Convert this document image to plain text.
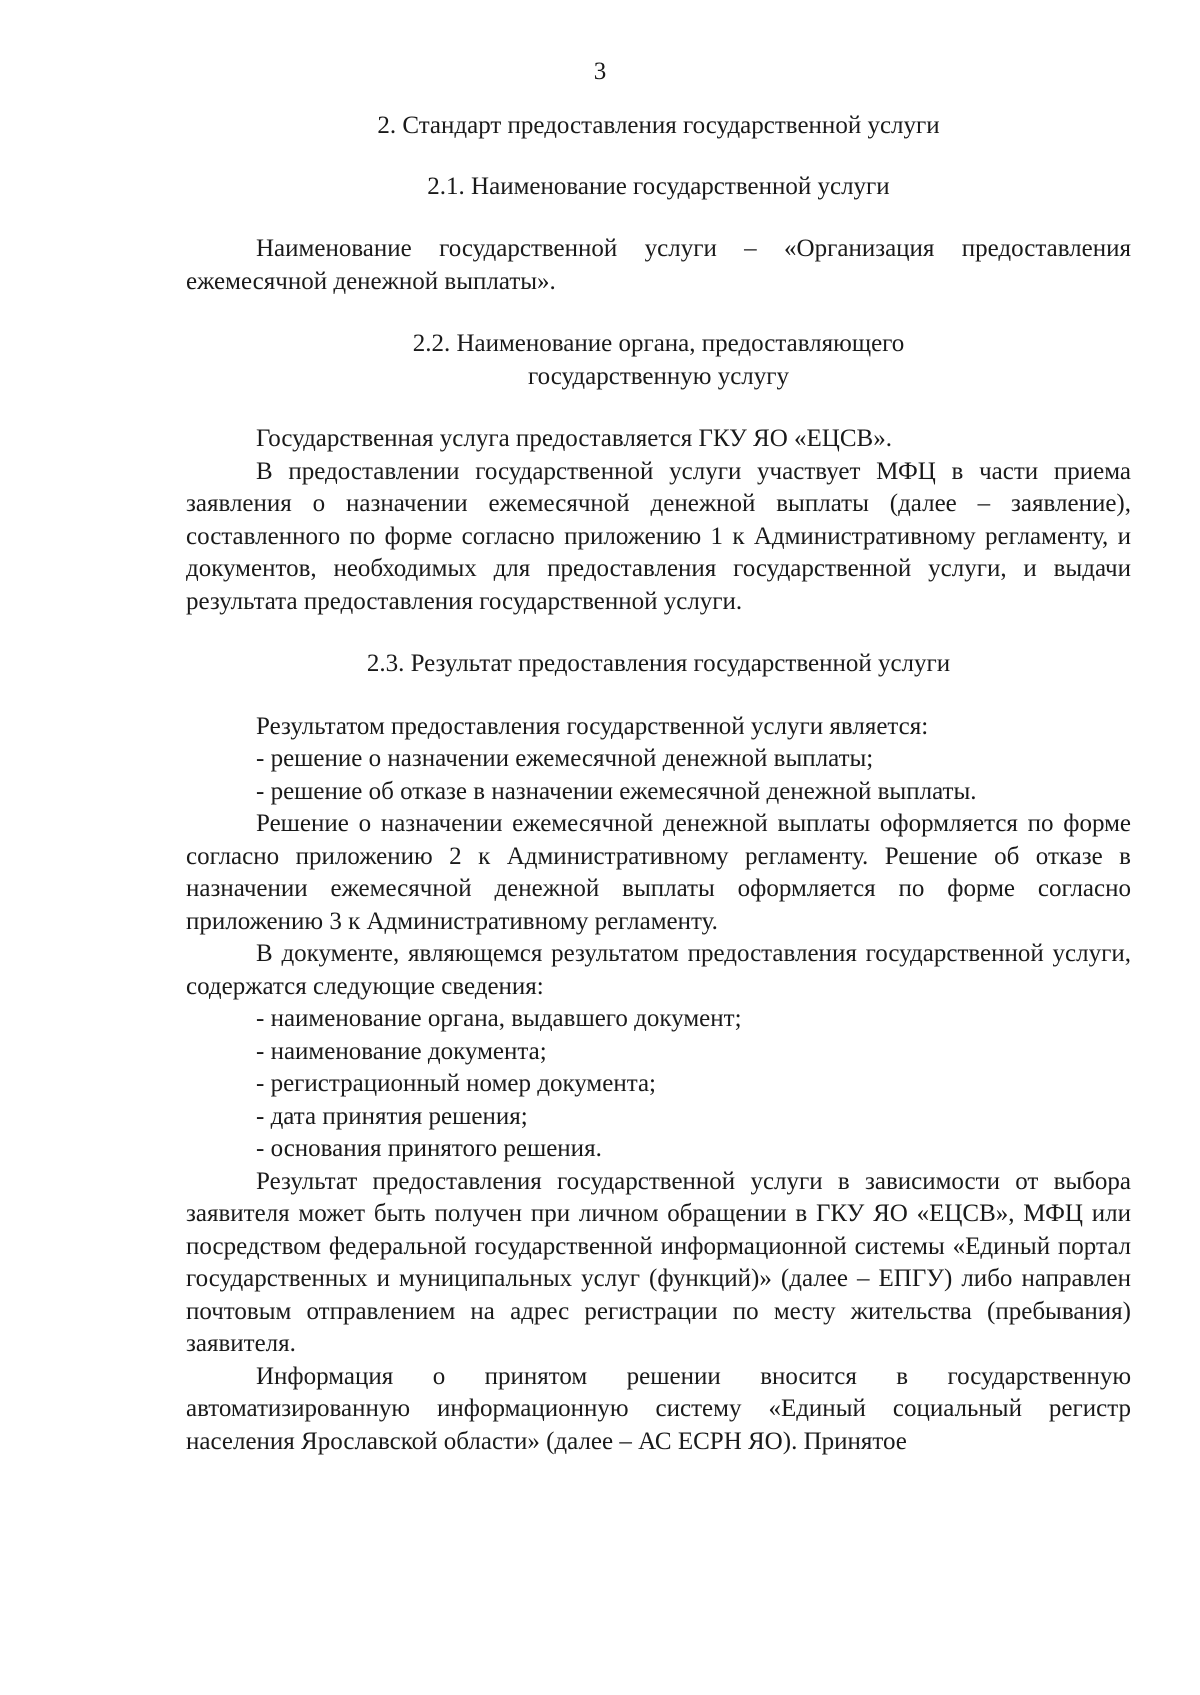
3
2. Стандарт предоставления государственной услуги
2.1. Наименование государственной услуги

Наименование государственной услуги – «Организация предоставления ежемесячной денежной выплаты».

2.2. Наименование органа, предоставляющего
государственную услугу

Государственная услуга предоставляется ГКУ ЯО «ЕЦСВ».

В предоставлении государственной услуги участвует МФЦ в части приема заявления о назначении ежемесячной денежной выплаты (далее – заявление), составленного по форме согласно приложению 1 к Административному регламенту, и документов, необходимых для предоставления государственной услуги, и выдачи результата предоставления государственной услуги.

2.3. Результат предоставления государственной услуги

Результатом предоставления государственной услуги является:

- решение о назначении ежемесячной денежной выплаты;
- решение об отказе в назначении ежемесячной денежной выплаты.

Решение о назначении ежемесячной денежной выплаты оформляется по форме согласно приложению 2 к Административному регламенту. Решение об отказе в назначении ежемесячной денежной выплаты оформляется по форме согласно приложению 3 к Административному регламенту.

В документе, являющемся результатом предоставления государственной услуги, содержатся следующие сведения:

- наименование органа, выдавшего документ;
- наименование документа;
- регистрационный номер документа;
- дата принятия решения;
- основания принятого решения.

Результат предоставления государственной услуги в зависимости от выбора заявителя может быть получен при личном обращении в ГКУ ЯО «ЕЦСВ», МФЦ или посредством федеральной государственной информационной системы «Единый портал государственных и муниципальных услуг (функций)» (далее – ЕПГУ) либо направлен почтовым отправлением на адрес регистрации по месту жительства (пребывания) заявителя.

Информация о принятом решении вносится в государственную автоматизированную информационную систему «Единый социальный регистр населения Ярославской области» (далее – АС ЕСРН ЯО). Принятое
